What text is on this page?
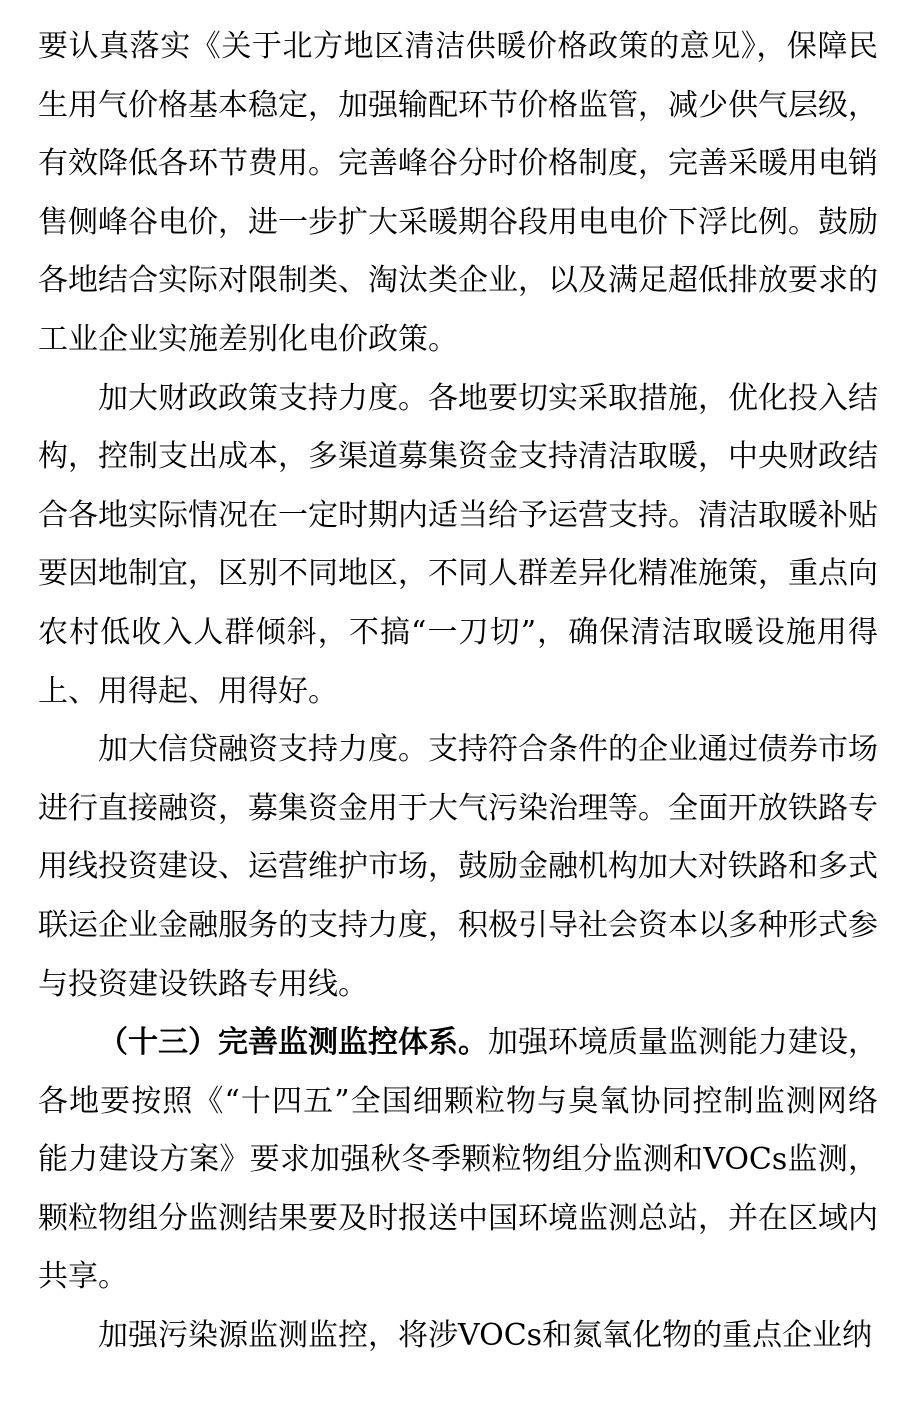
要认真落实《关于北方地区清洁供暖价格政策的意见》，保障民生用气价格基本稳定，加强输配环节价格监管，减少供气层级，有效降低各环节费用。完善峰谷分时价格制度，完善采暖用电销售侧峰谷电价，进一步扩大采暖期谷段用电电价下浮比例。鼓励各地结合实际对限制类、淘汰类企业，以及满足超低排放要求的工业企业实施差别化电价政策。

加大财政政策支持力度。各地要切实采取措施，优化投入结构，控制支出成本，多渠道募集资金支持清洁取暖，中央财政结合各地实际情况在一定时期内适当给予运营支持。清洁取暖补贴要因地制宜，区别不同地区，不同人群差异化精准施策，重点向农村低收入人群倾斜，不搞“一刀切”，确保清洁取暖设施用得上、用得起、用得好。

加大信贷融资支持力度。支持符合条件的企业通过债券市场进行直接融资，募集资金用于大气污染治理等。全面开放铁路专用线投资建设、运营维护市场，鼓励金融机构加大对铁路和多式联运企业金融服务的支持力度，积极引导社会资本以多种形式参与投资建设铁路专用线。

（十三）完善监测监控体系。加强环境质量监测能力建设，各地要按照《“十四五”全国细颗粒物与臭氧协同控制监测网络能力建设方案》要求加强秋冬季颗粒物组分监测和VOCs监测，颗粒物组分监测结果要及时报送中国环境监测总站，并在区域内共享。

加强污染源监测监控，将涉VOCs和氮氧化物的重点企业纳
